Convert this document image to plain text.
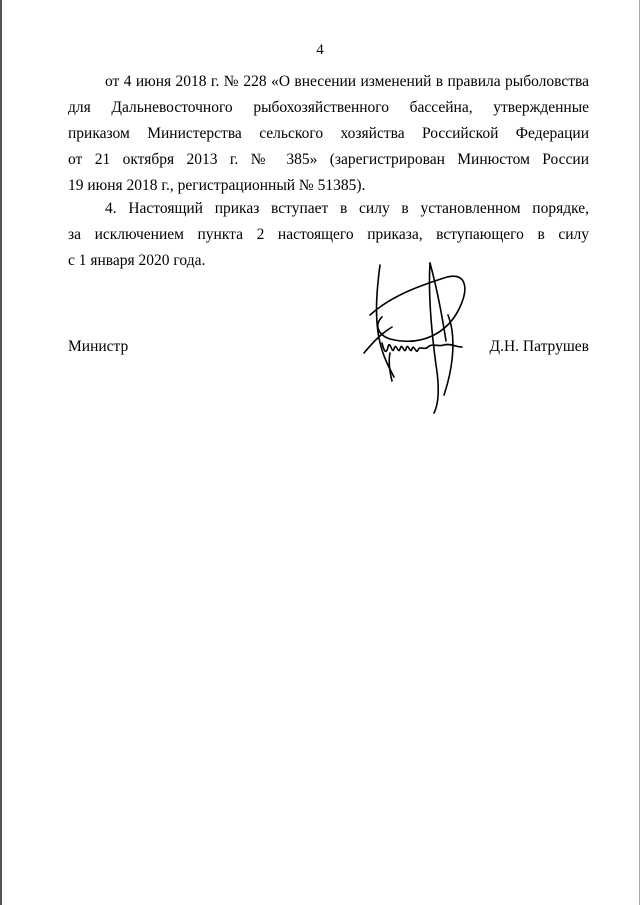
4
от 4 июня 2018 г. № 228 «О внесении изменений в правила рыболовства
для Дальневосточного рыбохозяйственного бассейна, утвержденные
приказом Министерства сельского хозяйства Российской Федерации
от 21 октября 2013 г. № 385» (зарегистрирован Минюстом России
19 июня 2018 г., регистрационный № 51385).
4. Настоящий приказ вступает в силу в установленном порядке,
за исключением пункта 2 настоящего приказа, вступающего в силу
с 1 января 2020 года.
Министр	Д.Н. Патрушев
